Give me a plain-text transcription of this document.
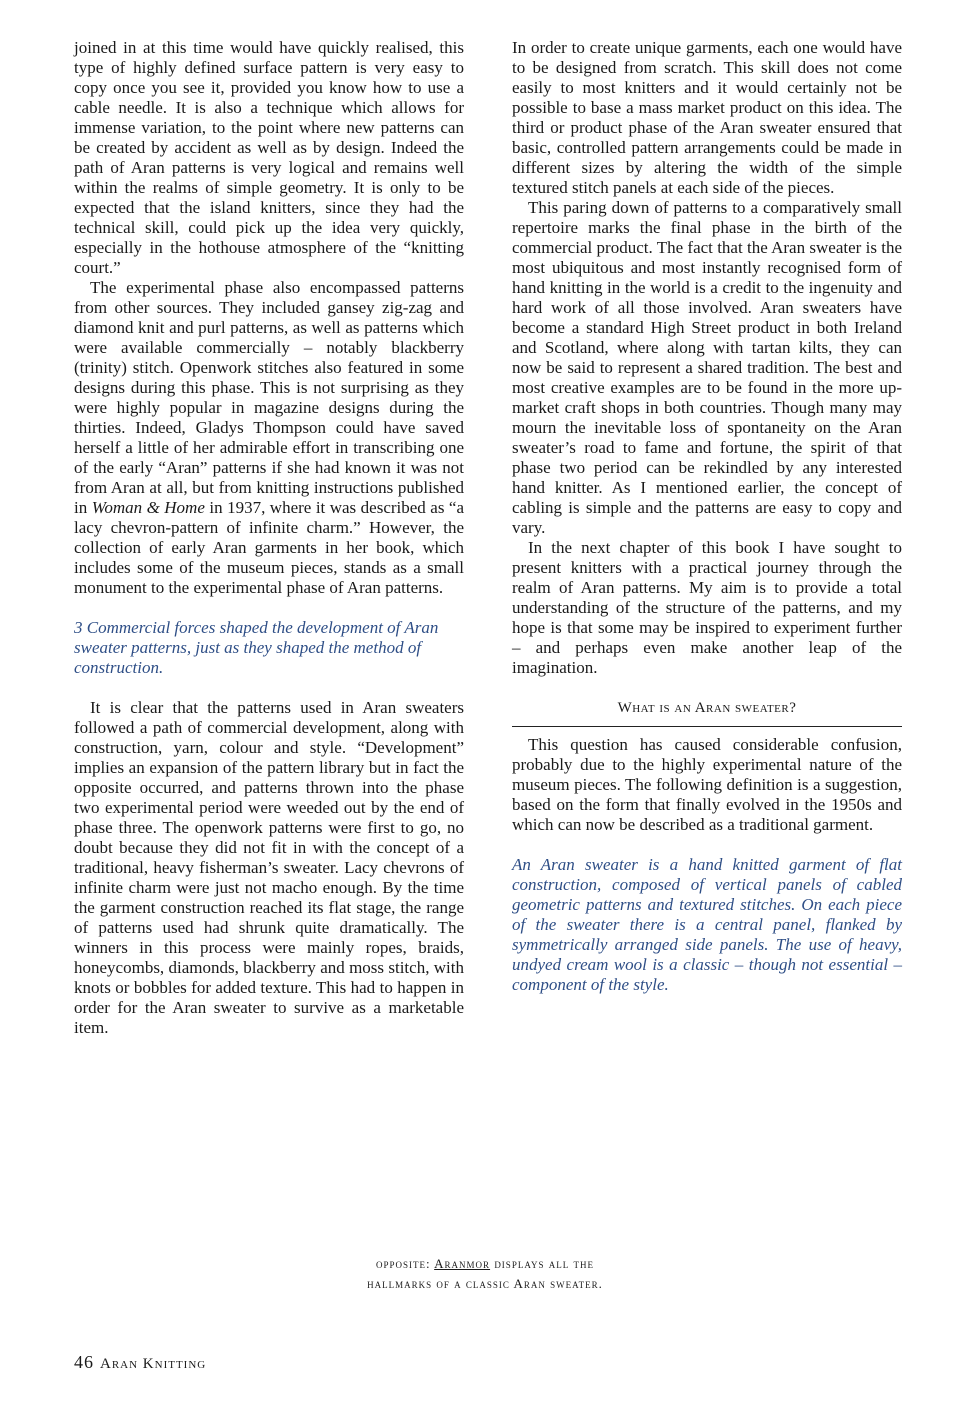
joined in at this time would have quickly realised, this type of highly defined surface pattern is very easy to copy once you see it, provided you know how to use a cable needle. It is also a technique which allows for immense variation, to the point where new patterns can be created by accident as well as by design. Indeed the path of Aran patterns is very logical and remains well within the realms of simple geometry. It is only to be expected that the island knitters, since they had the technical skill, could pick up the idea very quickly, especially in the hothouse atmosphere of the “knitting court.”

The experimental phase also encompassed patterns from other sources. They included gansey zig-zag and diamond knit and purl patterns, as well as patterns which were available commercially – notably blackberry (trinity) stitch. Openwork stitches also featured in some designs during this phase. This is not surprising as they were highly popular in magazine designs during the thirties. Indeed, Gladys Thompson could have saved herself a little of her admirable effort in transcribing one of the early “Aran” patterns if she had known it was not from Aran at all, but from knitting instructions published in Woman & Home in 1937, where it was described as “a lacy chevron-pattern of infinite charm.” However, the collection of early Aran garments in her book, which includes some of the museum pieces, stands as a small monument to the experimental phase of Aran patterns.

3 Commercial forces shaped the development of Aran sweater patterns, just as they shaped the method of construction.

It is clear that the patterns used in Aran sweaters followed a path of commercial development, along with construction, yarn, colour and style. “Development” implies an expansion of the pattern library but in fact the opposite occurred, and patterns thrown into the phase two experimental period were weeded out by the end of phase three. The openwork patterns were first to go, no doubt because they did not fit in with the concept of a traditional, heavy fisherman’s sweater. Lacy chevrons of infinite charm were just not macho enough. By the time the garment construction reached its flat stage, the range of patterns used had shrunk quite dramatically. The winners in this process were mainly ropes, braids, honeycombs, diamonds, blackberry and moss stitch, with knots or bobbles for added texture. This had to happen in order for the Aran sweater to survive as a marketable item.

In order to create unique garments, each one would have to be designed from scratch. This skill does not come easily to most knitters and it would certainly not be possible to base a mass market product on this idea. The third or product phase of the Aran sweater ensured that basic, controlled pattern arrangements could be made in different sizes by altering the width of the simple textured stitch panels at each side of the pieces.

This paring down of patterns to a comparatively small repertoire marks the final phase in the birth of the commercial product. The fact that the Aran sweater is the most ubiquitous and most instantly recognised form of hand knitting in the world is a credit to the ingenuity and hard work of all those involved. Aran sweaters have become a standard High Street product in both Ireland and Scotland, where along with tartan kilts, they can now be said to represent a shared tradition. The best and most creative examples are to be found in the more up-market craft shops in both countries. Though many may mourn the inevitable loss of spontaneity on the Aran sweater’s road to fame and fortune, the spirit of that phase two period can be rekindled by any interested hand knitter. As I mentioned earlier, the concept of cabling is simple and the patterns are easy to copy and vary.

In the next chapter of this book I have sought to present knitters with a practical journey through the realm of Aran patterns. My aim is to provide a total understanding of the structure of the patterns, and my hope is that some may be inspired to experiment further – and perhaps even make another leap of the imagination.

What is an Aran sweater?

This question has caused considerable confusion, probably due to the highly experimental nature of the museum pieces. The following definition is a suggestion, based on the form that finally evolved in the 1950s and which can now be described as a traditional garment.

An Aran sweater is a hand knitted garment of flat construction, composed of vertical panels of cabled geometric patterns and textured stitches. On each piece of the sweater there is a central panel, flanked by symmetrically arranged side panels. The use of heavy, undyed cream wool is a classic – though not essential – component of the style.

opposite: Aranmor displays all the
hallmarks of a classic Aran sweater.
46 Aran Knitting
